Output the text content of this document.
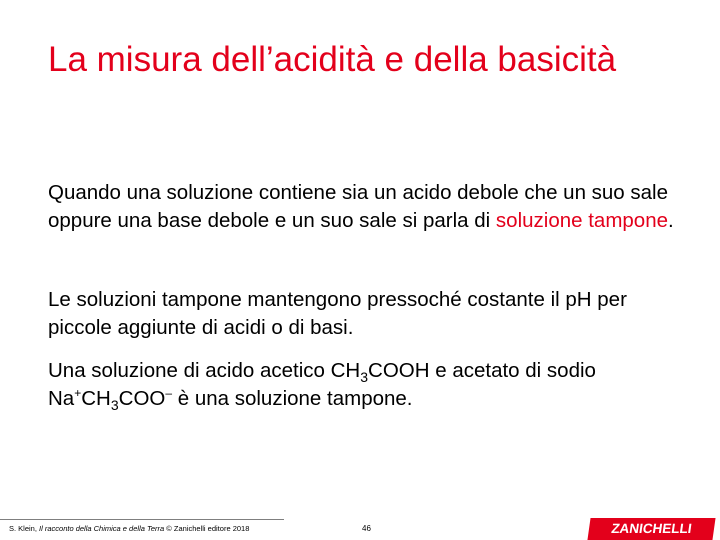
La misura dell’acidità e della basicità

Quando una soluzione contiene sia un acido debole che un suo sale oppure una base debole e un suo sale si parla di soluzione tampone.

Le soluzioni tampone mantengono pressoché costante il pH per piccole aggiunte di acidi o di basi.

Una soluzione di acido acetico $CH_3COOH$ e acetato di sodio $Na^+CH_3COO^-$ è una soluzione tampone.

S. Klein, Il racconto della Chimica e della Terra © Zanichelli editore 2018	46	ZANICHELLI
